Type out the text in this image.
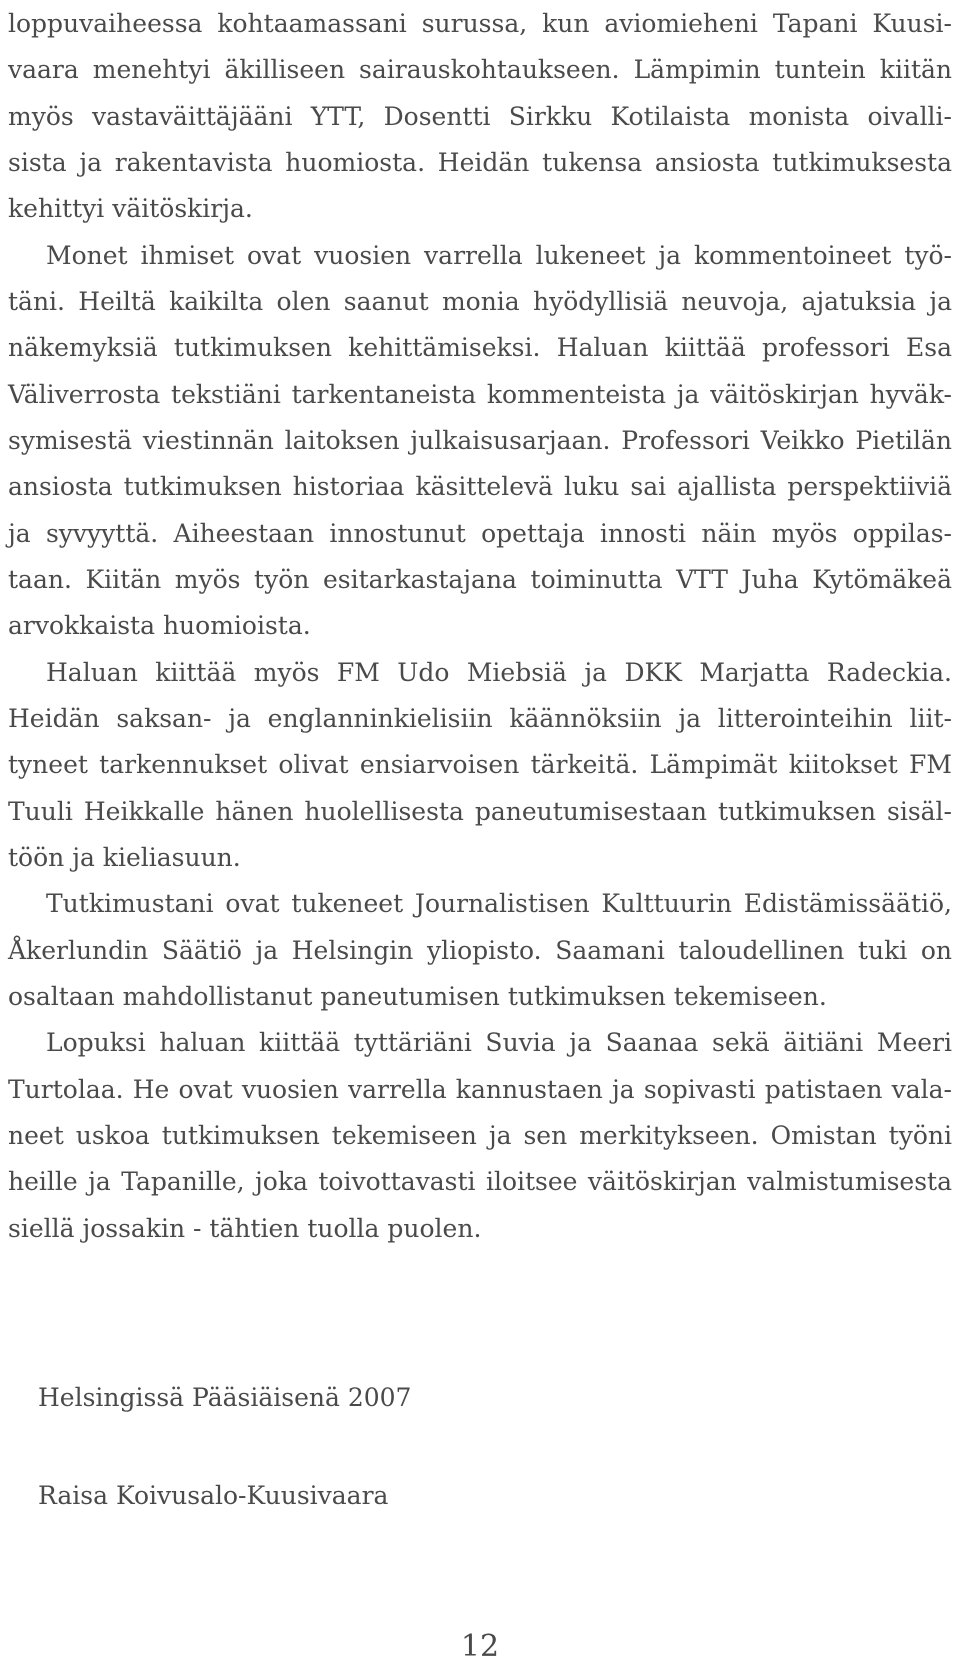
loppuvaiheessa kohtaamassani surussa, kun aviomieheni Tapani Kuusi-
vaara menehtyi äkilliseen sairauskohtaukseen. Lämpimin tuntein kiitän
myös vastaväittäjääni YTT, Dosentti Sirkku Kotilaista monista oivalli-
sista ja rakentavista huomiosta. Heidän tukensa ansiosta tutkimuksesta
kehittyi väitöskirja.
Monet ihmiset ovat vuosien varrella lukeneet ja kommentoineet työ-
täni. Heiltä kaikilta olen saanut monia hyödyllisiä neuvoja, ajatuksia ja
näkemyksiä tutkimuksen kehittämiseksi. Haluan kiittää professori Esa
Väliverrosta tekstiäni tarkentaneista kommenteista ja väitöskirjan hyväk-
symisestä viestinnän laitoksen julkaisusarjaan. Professori Veikko Pietilän
ansiosta tutkimuksen historiaa käsittelevä luku sai ajallista perspektiiviä
ja syvyyttä. Aiheestaan innostunut opettaja innosti näin myös oppilas-
taan. Kiitän myös työn esitarkastajana toiminutta VTT Juha Kytömäkeä
arvokkaista huomioista.
Haluan kiittää myös FM Udo Miebsiä ja DKK Marjatta Radeckia.
Heidän saksan- ja englanninkielisiin käännöksiin ja litterointeihin liit-
tyneet tarkennukset olivat ensiarvoisen tärkeitä. Lämpimät kiitokset FM
Tuuli Heikkalle hänen huolellisesta paneutumisestaan tutkimuksen sisäl-
töön ja kieliasuun.
Tutkimustani ovat tukeneet Journalistisen Kulttuurin Edistämissäätiö,
Åkerlundin Säätiö ja Helsingin yliopisto. Saamani taloudellinen tuki on
osaltaan mahdollistanut paneutumisen tutkimuksen tekemiseen.
Lopuksi haluan kiittää tyttäriäni Suvia ja Saanaa sekä äitiäni Meeri
Turtolaa. He ovat vuosien varrella kannustaen ja sopivasti patistaen vala-
neet uskoa tutkimuksen tekemiseen ja sen merkitykseen. Omistan työni
heille ja Tapanille, joka toivottavasti iloitsee väitöskirjan valmistumisesta
siellä jossakin - tähtien tuolla puolen.
Helsingissä Pääsiäisenä 2007
Raisa Koivusalo-Kuusivaara
12
